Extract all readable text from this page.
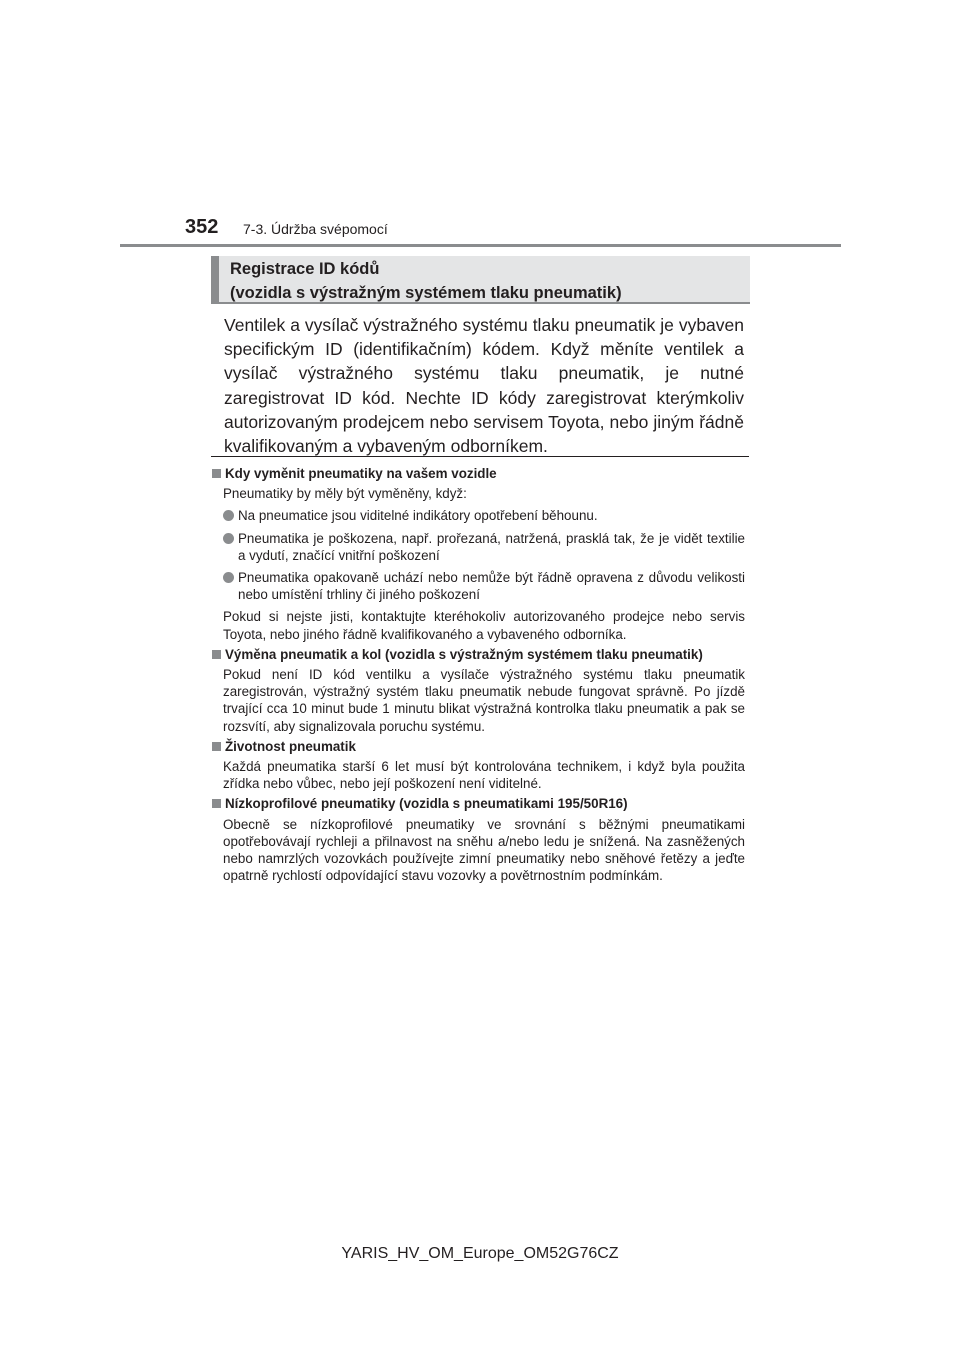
352 7-3. Údržba svépomocí
Registrace ID kódů
(vozidla s výstražným systémem tlaku pneumatik)
Ventilek a vysílač výstražného systému tlaku pneumatik je vybaven specifickým ID (identifikačním) kódem. Když měníte ventilek a vysílač výstražného systému tlaku pneumatik, je nutné zaregistrovat ID kód. Nechte ID kódy zaregistrovat kterýmkoliv autorizovaným prodejcem nebo servisem Toyota, nebo jiným řádně kvalifikovaným a vybaveným odborníkem.
Kdy vyměnit pneumatiky na vašem vozidle
Pneumatiky by měly být vyměněny, když:
Na pneumatice jsou viditelné indikátory opotřebení běhounu.
Pneumatika je poškozena, např. prořezaná, natržená, prasklá tak, že je vidět textilie a vydutí, značící vnitřní poškození
Pneumatika opakovaně uchází nebo nemůže být řádně opravena z důvodu velikosti nebo umístění trhliny či jiného poškození
Pokud si nejste jisti, kontaktujte kteréhokoliv autorizovaného prodejce nebo servis Toyota, nebo jiného řádně kvalifikovaného a vybaveného odborníka.
Výměna pneumatik a kol (vozidla s výstražným systémem tlaku pneumatik)
Pokud není ID kód ventilku a vysílače výstražného systému tlaku pneumatik zaregistrován, výstražný systém tlaku pneumatik nebude fungovat správně. Po jízdě trvající cca 10 minut bude 1 minutu blikat výstražná kontrolka tlaku pneumatik a pak se rozsvítí, aby signalizovala poruchu systému.
Životnost pneumatik
Každá pneumatika starší 6 let musí být kontrolována technikem, i když byla použita zřídka nebo vůbec, nebo její poškození není viditelné.
Nízkoprofilové pneumatiky (vozidla s pneumatikami 195/50R16)
Obecně se nízkoprofilové pneumatiky ve srovnání s běžnými pneumatikami opotřebovávají rychleji a přilnavost na sněhu a/nebo ledu je snížená. Na zasněžených nebo namrzlých vozovkách používejte zimní pneumatiky nebo sněhové řetězy a jeďte opatrně rychlostí odpovídající stavu vozovky a povětrnostním podmínkám.
YARIS_HV_OM_Europe_OM52G76CZ
